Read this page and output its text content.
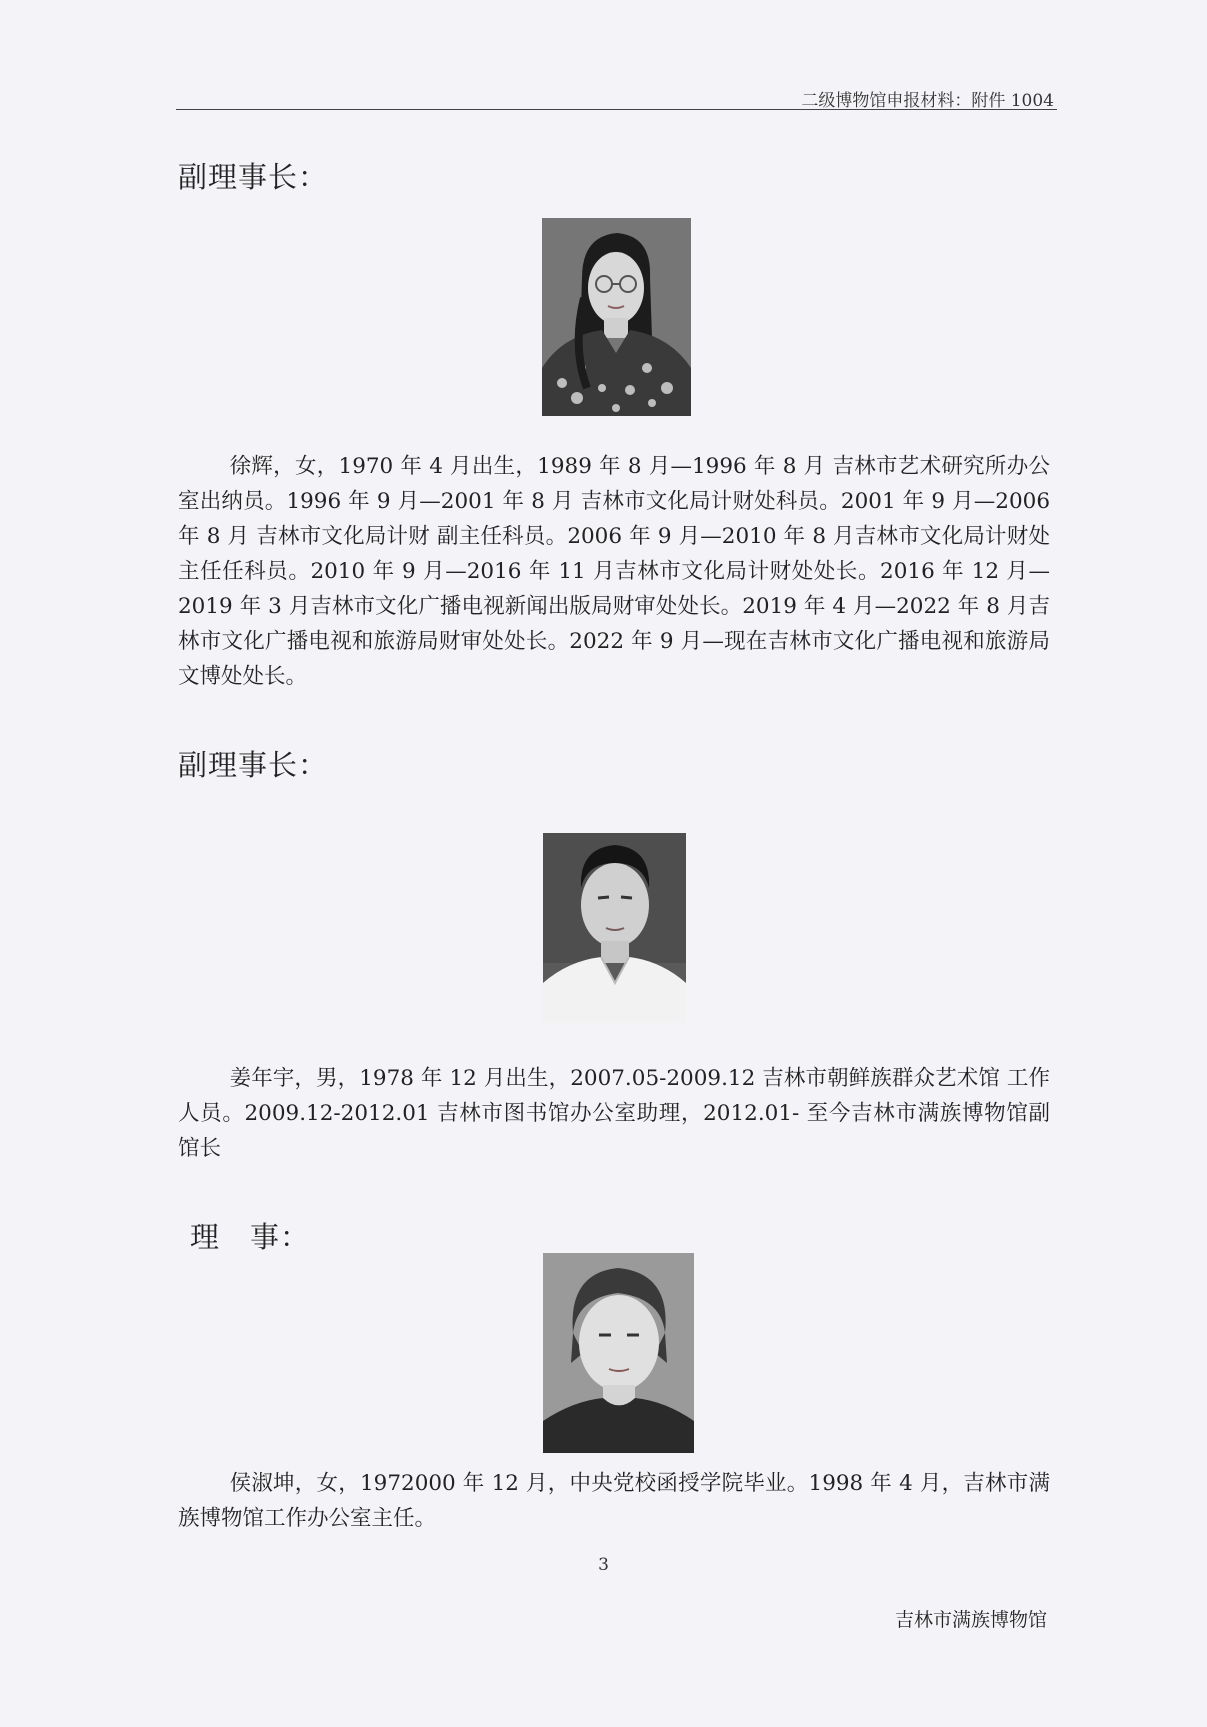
二级博物馆申报材料：附件 1004
副理事长：
徐辉，女，1970 年 4 月出生，1989 年 8 月—1996 年 8 月 吉林市艺术研究所办公室出纳员。1996 年 9 月—2001 年 8 月 吉林市文化局计财处科员。2001 年 9 月—2006 年 8 月 吉林市文化局计财 副主任科员。2006 年 9 月—2010 年 8 月吉林市文化局计财处主任任科员。2010 年 9 月—2016 年 11 月吉林市文化局计财处处长。2016 年 12 月—2019 年 3 月吉林市文化广播电视新闻出版局财审处处长。2019 年 4 月—2022 年 8 月吉林市文化广播电视和旅游局财审处处长。2022 年 9 月—现在吉林市文化广播电视和旅游局文博处处长。
副理事长：
姜年宇，男，1978 年 12 月出生，2007.05-2009.12 吉林市朝鲜族群众艺术馆 工作人员。2009.12-2012.01 吉林市图书馆办公室助理，2012.01- 至今吉林市满族博物馆副馆长
理　事：
侯淑坤，女，1972000 年 12 月，中央党校函授学院毕业。1998 年 4 月，吉林市满族博物馆工作办公室主任。
3
吉林市满族博物馆
